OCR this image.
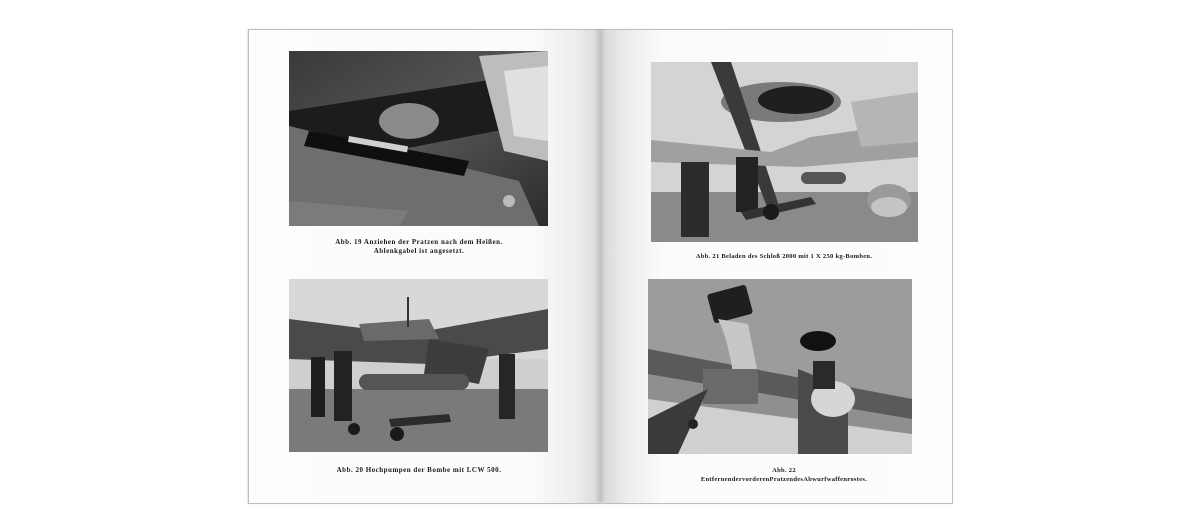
Abb. 19 Anziehen der Pratzen nach dem Heißen.
Ablenkgabel ist angesetzt.
Abb. 20 Hochpumpen der Bombe mit LCW 500.
Abb. 21 Beladen des Schloß 2000 mit 1 X 250 kg-Bomben.
Abb. 22
EntfernendervorderenPratzendesAbwurfwaffenrostes.
